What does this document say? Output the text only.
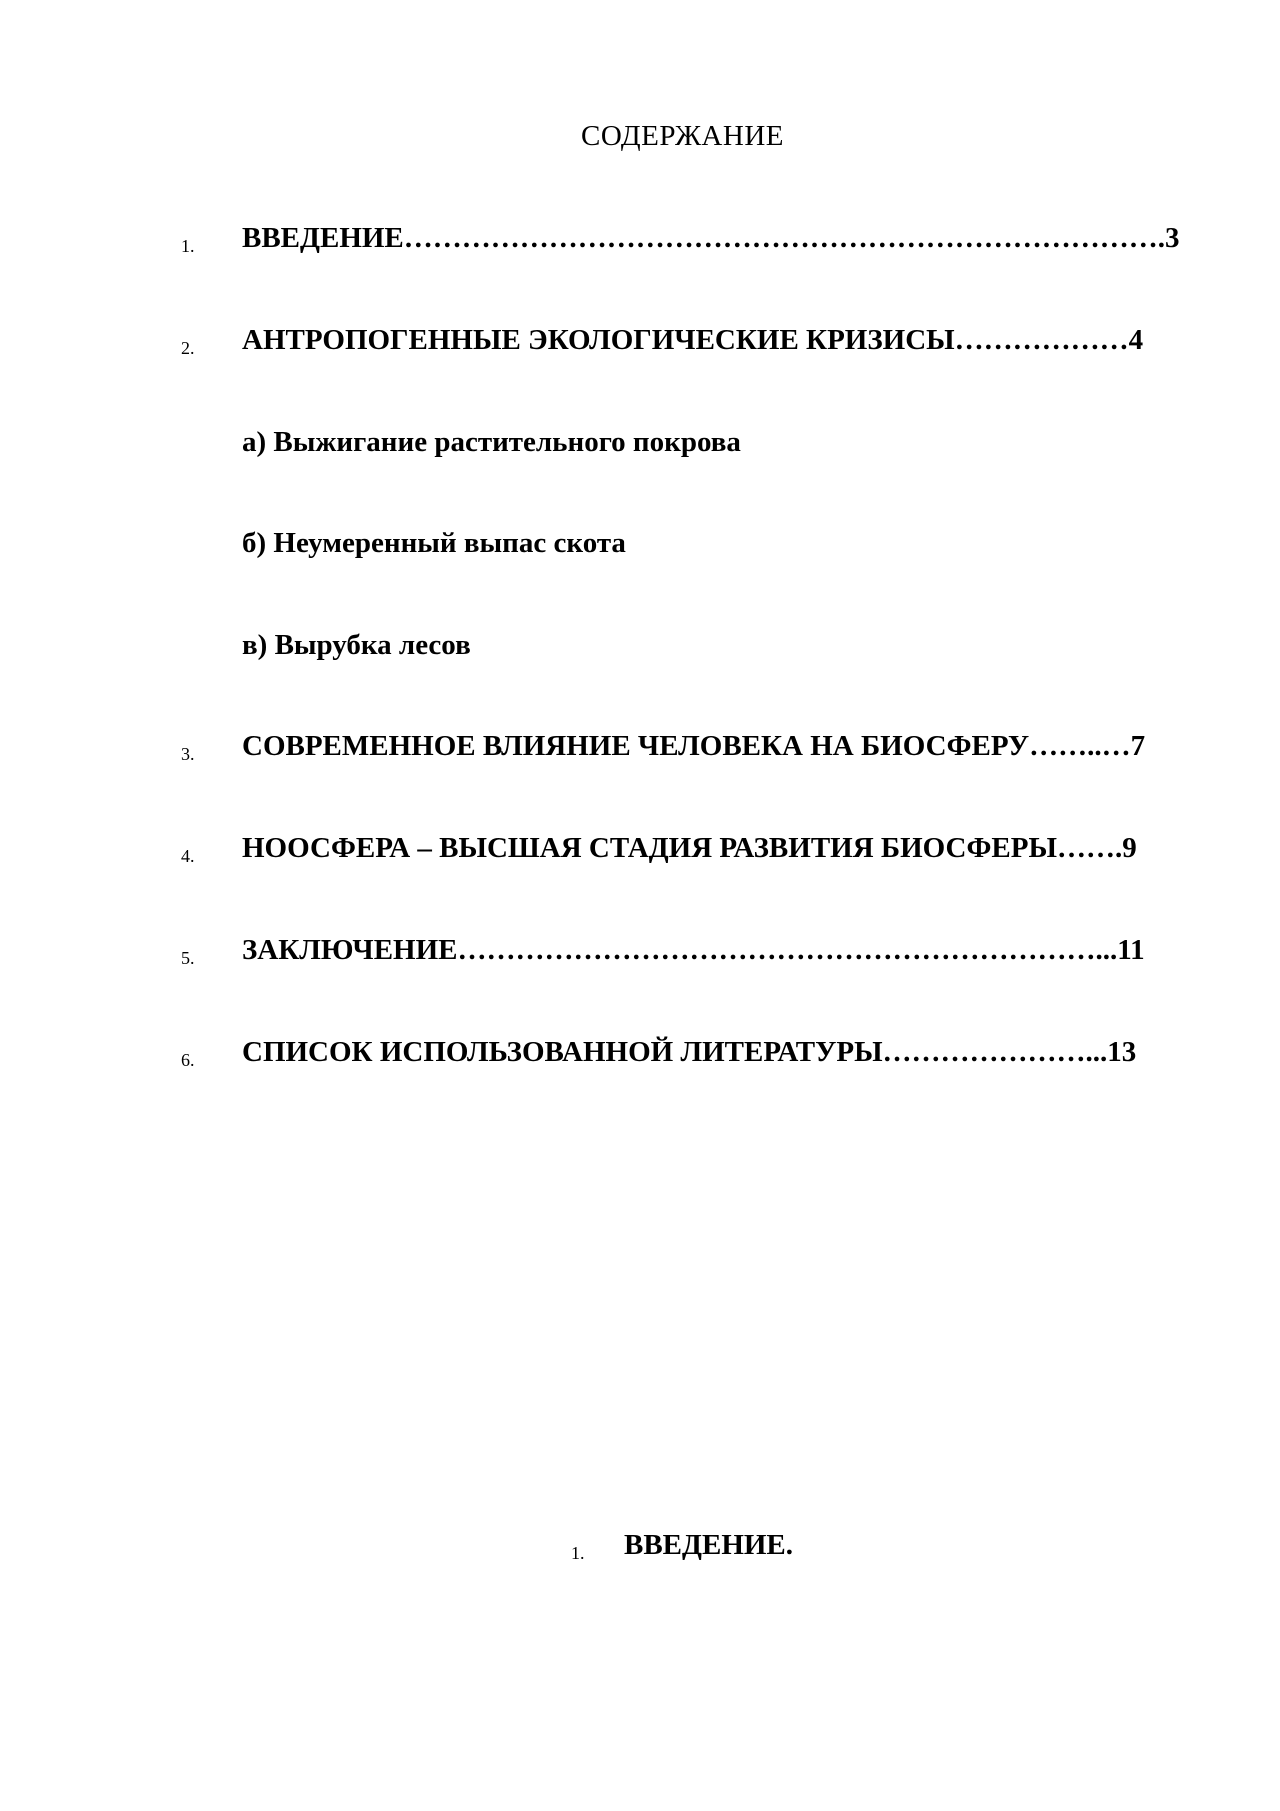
СОДЕРЖАНИЕ
1. ВВЕДЕНИЕ…………………………………………………………………….3
2. АНТРОПОГЕННЫЕ ЭКОЛОГИЧЕСКИЕ КРИЗИСЫ………………4
а) Выжигание растительного покрова
б) Неумеренный выпас скота
в) Вырубка лесов
3. СОВРЕМЕННОЕ ВЛИЯНИЕ ЧЕЛОВЕКА НА БИОСФЕРУ……..…7
4. НООСФЕРА – ВЫСШАЯ СТАДИЯ РАЗВИТИЯ БИОСФЕРЫ…….9
5. ЗАКЛЮЧЕНИЕ…………………………………………………………...11
6. СПИСОК ИСПОЛЬЗОВАННОЙ ЛИТЕРАТУРЫ…………………...13
1. ВВЕДЕНИЕ.
